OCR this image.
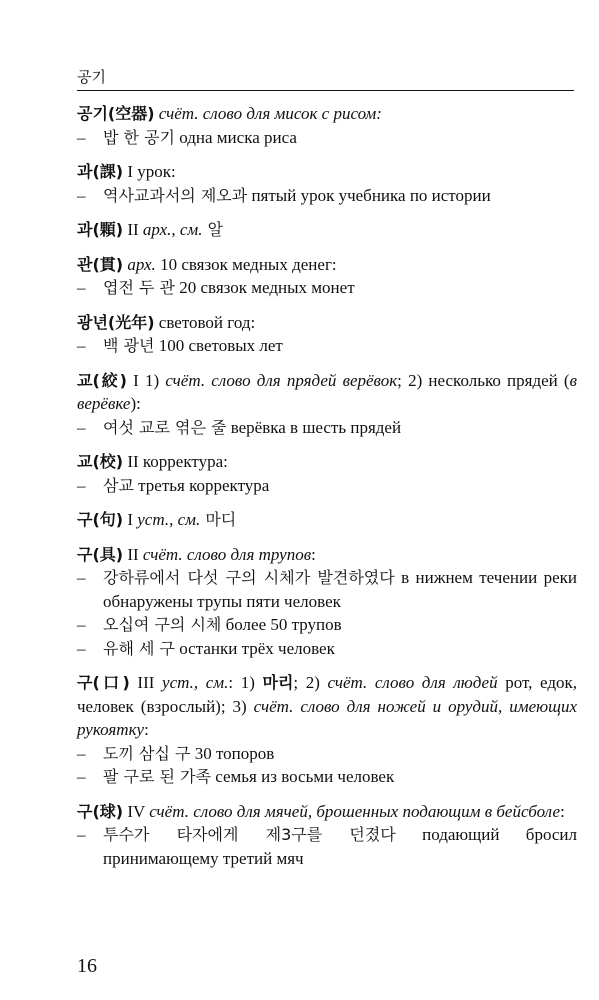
공기
공기(空器) счёт. слово для мисок с рисом:
– 밥 한 공기 одна миска риса
과(課) I урок:
– 역사교과서의 제오과 пятый урок учебника по истории
과(顆) II арх., см. 알
관(貫) арх. 10 связок медных денег:
– 엽전 두 관 20 связок медных монет
광년(光年) световой год:
– 백 광년 100 световых лет
교(絞) I 1) счёт. слово для прядей верёвок; 2) несколько прядей (в верёвке):
– 여섯 교로 엮은 줄 верёвка в шесть прядей
교(校) II корректура:
– 삼교 третья корректура
구(句) I уст., см. 마디
구(具) II счёт. слово для трупов:
– 강하류에서 다섯 구의 시체가 발견하였다 в нижнем течении реки обнаружены трупы пяти человек
– 오십여 구의 시체 более 50 трупов
– 유해 세 구 останки трёх человек
구(口) III уст., см.: 1) 마리; 2) счёт. слово для людей рот, едок, человек (взрослый); 3) счёт. слово для ножей и орудий, имеющих рукоятку:
– 도끼 삼십 구 30 топоров
– 팔 구로 된 가족 семья из восьми человек
구(球) IV счёт. слово для мячей, брошенных подающим в бейсболе:
– 투수가 타자에게 제3구를 던졌다 подающий бросил принимающему третий мяч
16
